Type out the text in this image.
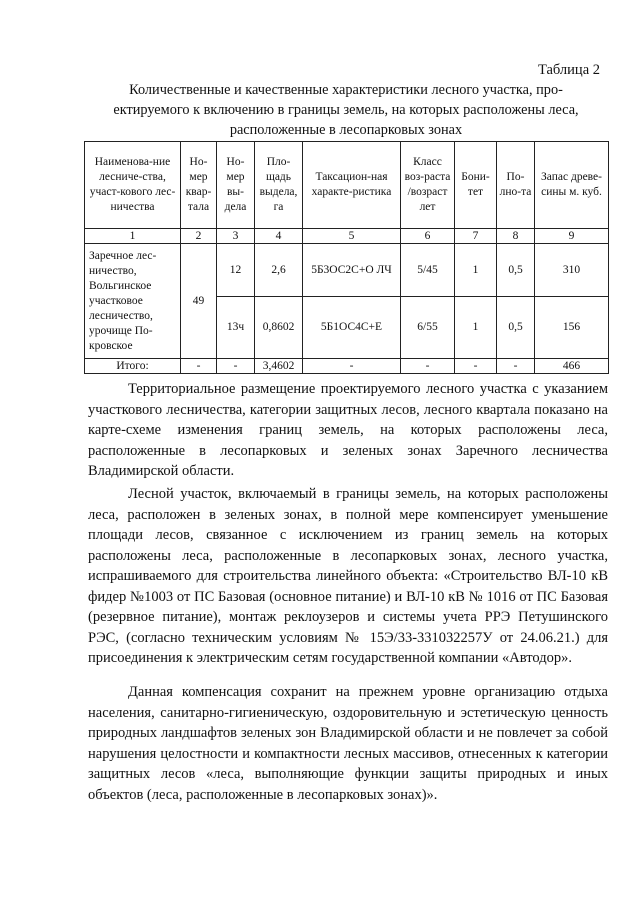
Таблица 2
Количественные и качественные характеристики лесного участка, про-
ектируемого к включению в границы земель, на которых расположены леса,
расположенные в лесопарковых зонах
Наименова-ние лесниче-ства, участ-кового лес-ничества	Но-мер квар-тала	Но-мер вы-дела	Пло-щадь выдела, га	Таксацион-ная характе-ристика	Класс воз-раста /возраст лет	Бони-тет	По-лно-та	Запас древе-сины м. куб.
1	2	3	4	5	6	7	8	9
Заречное лес-ничество, Вольгинское участковое лесничество, урочище По-кровское	49	12	2,6	5Б3ОС2С+О ЛЧ	5/45	1	0,5	310
		13ч	0,8602	5Б1ОС4С+Е	6/55	1	0,5	156
Итого:	-	-	3,4602	-	-	-	-	466

Территориальное размещение проектируемого лесного участка с указанием участкового лесничества, категории защитных лесов, лесного квартала показано на карте-схеме изменения границ земель, на которых расположены леса, расположенные в лесопарковых и зеленых зонах Заречного лесничества Владимирской области.

Лесной участок, включаемый в границы земель, на которых расположены леса, расположен в зеленых зонах, в полной мере компенсирует уменьшение площади лесов, связанное с исключением из границ земель на которых расположены леса, расположенные в лесопарковых зонах, лесного участка, испрашиваемого для строительства линейного объекта: «Строительство ВЛ-10 кВ фидер №1003 от ПС Базовая (основное питание) и ВЛ-10 кВ № 1016 от ПС Базовая (резервное питание), монтаж реклоузеров и системы учета РРЭ Петушинского РЭС, (согласно техническим условиям № 15Э/33-331032257У от 24.06.21.) для присоединения к электрическим сетям государственной компании «Автодор».

Данная компенсация сохранит на прежнем уровне организацию отдыха населения, санитарно-гигиеническую, оздоровительную и эстетическую ценность природных ландшафтов зеленых зон Владимирской области и не повлечет за собой нарушения целостности и компактности лесных массивов, отнесенных к категории защитных лесов «леса, выполняющие функции защиты природных и иных объектов (леса, расположенные в лесопарковых зонах)».
